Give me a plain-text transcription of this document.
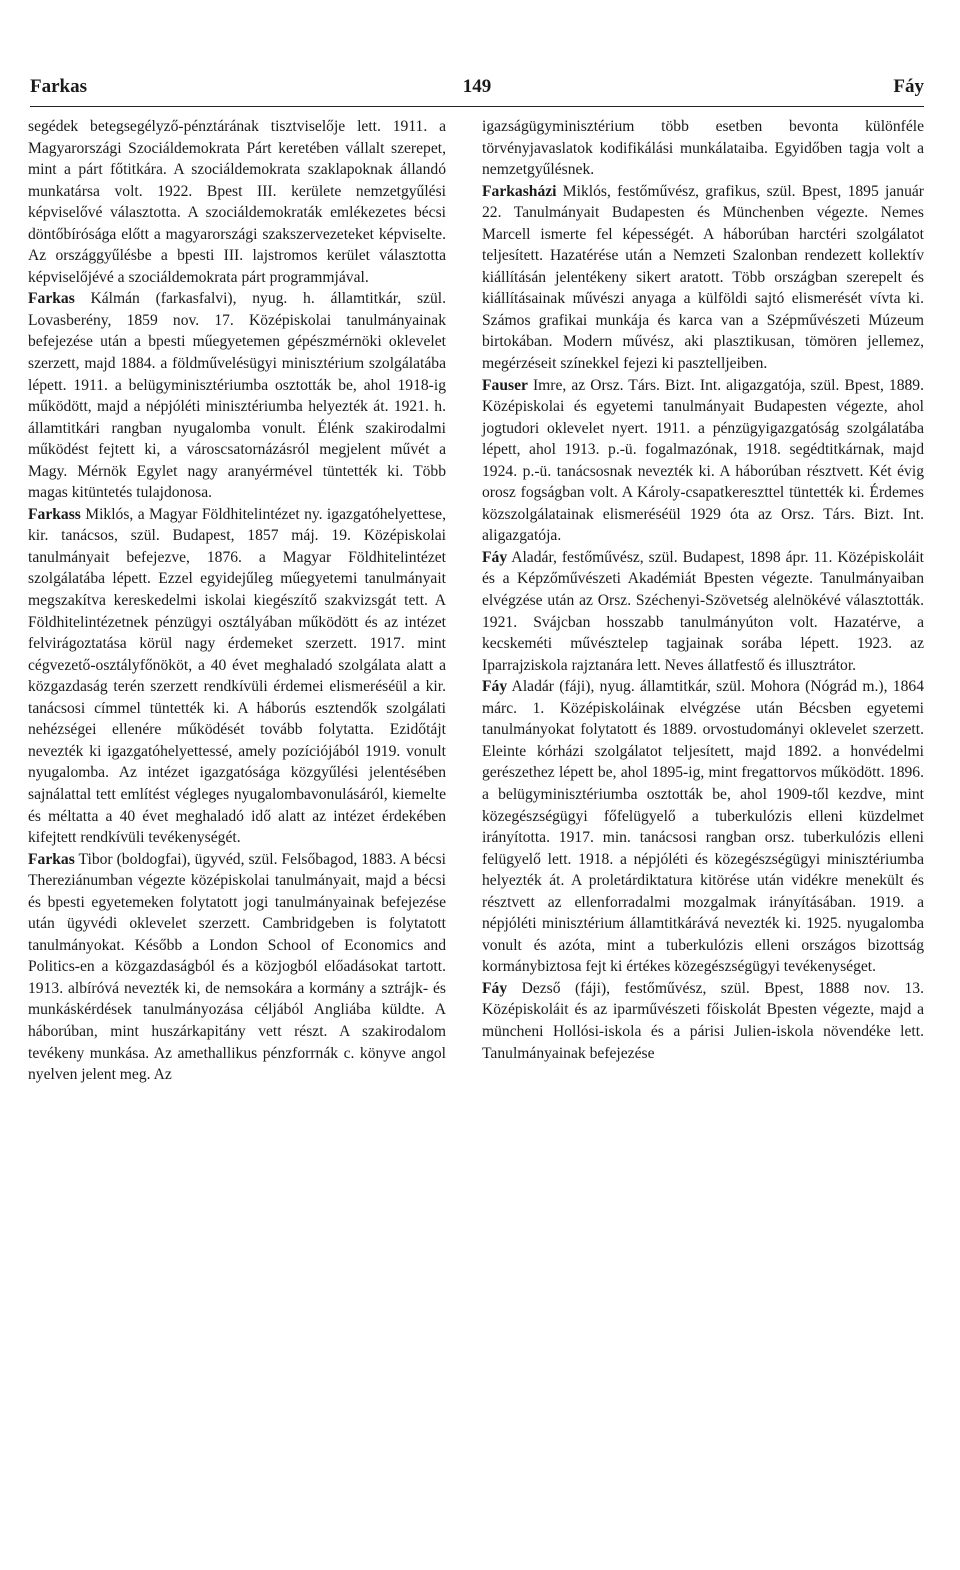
Farkas	149	Fáy

segédek betegsegélyző-pénztárának tisztviselője lett. 1911. a Magyarországi Szociáldemokrata Párt keretében vállalt szerepet, mint a párt főtitkára. A szociáldemokrata szaklapoknak állandó munkatársa volt. 1922. Bpest III. kerülete nemzetgyűlési képviselővé választotta. A szociáldemokraták emlékezetes bécsi döntőbírósága előtt a magyarországi szakszervezeteket képviselte. Az országgyűlésbe a bpesti III. lajstromos kerület választotta képviselőjévé a szociáldemokrata párt programmjával.

Farkas Kálmán (farkasfalvi), nyug. h. államtitkár, szül. Lovasberény, 1859 nov. 17. Középiskolai tanulmányainak befejezése után a bpesti műegyetemen gépészmérnöki oklevelet szerzett, majd 1884. a földművelésügyi minisztérium szolgálatába lépett. 1911. a belügyminisztériumba osztották be, ahol 1918-ig működött, majd a népjóléti minisztériumba helyezték át. 1921. h. államtitkári rangban nyugalomba vonult. Élénk szakirodalmi működést fejtett ki, a városcsatornázásról megjelent művét a Magy. Mérnök Egylet nagy aranyérmével tüntették ki. Több magas kitüntetés tulajdonosa.

Farkass Miklós, a Magyar Földhitelintézet ny. igazgatóhelyettese, kir. tanácsos, szül. Budapest, 1857 máj. 19. Középiskolai tanulmányait befejezve, 1876. a Magyar Földhitelintézet szolgálatába lépett. Ezzel egyidejűleg műegyetemi tanulmányait megszakítva kereskedelmi iskolai kiegészítő szakvizsgát tett. A Földhitelintézetnek pénzügyi osztályában működött és az intézet felvirágoztatása körül nagy érdemeket szerzett. 1917. mint cégvezető-osztályfőnököt, a 40 évet meghaladó szolgálata alatt a közgazdaság terén szerzett rendkívüli érdemei elismeréséül a kir. tanácsosi címmel tüntették ki. A háborús esztendők szolgálati nehézségei ellenére működését tovább folytatta. Ezidőtájt nevezték ki igazgatóhelyettessé, amely pozíciójából 1919. vonult nyugalomba. Az intézet igazgatósága közgyűlési jelentésében sajnálattal tett említést végleges nyugalombavonulásáról, kiemelte és méltatta a 40 évet meghaladó idő alatt az intézet érdekében kifejtett rendkívüli tevékenységét.

Farkas Tibor (boldogfai), ügyvéd, szül. Felsőbagod, 1883. A bécsi Thereziánumban végezte középiskolai tanulmányait, majd a bécsi és bpesti egyetemeken folytatott jogi tanulmányainak befejezése után ügyvédi oklevelet szerzett. Cambridgeben is folytatott tanulmányokat. Később a London School of Economics and Politics-en a közgazdaságból és a közjogból előadásokat tartott. 1913. albíróvá nevezték ki, de nemsokára a kormány a sztrájk- és munkáskérdések tanulmányozása céljából Angliába küldte. A háborúban, mint huszárkapitány vett részt. A szakirodalom tevékeny munkása. Az amethallikus pénzforrnák c. könyve angol nyelven jelent meg. Az

igazságügyminisztérium több esetben bevonta különféle törvényjavaslatok kodifikálási munkálataiba. Egyidőben tagja volt a nemzetgyűlésnek.

Farkasházi Miklós, festőművész, grafikus, szül. Bpest, 1895 január 22. Tanulmányait Budapesten és Münchenben végezte. Nemes Marcell ismerte fel képességét. A háborúban harctéri szolgálatot teljesített. Hazatérése után a Nemzeti Szalonban rendezett kollektív kiállításán jelentékeny sikert aratott. Több országban szerepelt és kiállításainak művészi anyaga a külföldi sajtó elismerését vívta ki. Számos grafikai munkája és karca van a Szépművészeti Múzeum birtokában. Modern művész, aki plasztikusan, tömören jellemez, megérzéseit színekkel fejezi ki pasztelljeiben.

Fauser Imre, az Orsz. Társ. Bizt. Int. aligazgatója, szül. Bpest, 1889. Középiskolai és egyetemi tanulmányait Budapesten végezte, ahol jogtudori oklevelet nyert. 1911. a pénzügyigazgatóság szolgálatába lépett, ahol 1913. p.-ü. fogalmazónak, 1918. segédtitkárnak, majd 1924. p.-ü. tanácsosnak nevezték ki. A háborúban résztvett. Két évig orosz fogságban volt. A Károly-csapatkereszttel tüntették ki. Érdemes közszolgálatainak elismeréséül 1929 óta az Orsz. Társ. Bizt. Int. aligazgatója.

Fáy Aladár, festőművész, szül. Budapest, 1898 ápr. 11. Középiskoláit és a Képzőművészeti Akadémiát Bpesten végezte. Tanulmányaiban elvégzése után az Orsz. Széchenyi-Szövetség alelnökévé választották. 1921. Svájcban hosszabb tanulmányúton volt. Hazatérve, a kecskeméti művésztelep tagjainak sorába lépett. 1923. az Iparrajziskola rajztanára lett. Neves állatfestő és illusztrátor.

Fáy Aladár (fáji), nyug. államtitkár, szül. Mohora (Nógrád m.), 1864 márc. 1. Középiskoláinak elvégzése után Bécsben egyetemi tanulmányokat folytatott és 1889. orvostudományi oklevelet szerzett. Eleinte kórházi szolgálatot teljesített, majd 1892. a honvédelmi gerészethez lépett be, ahol 1895-ig, mint fregattorvos működött. 1896. a belügyminisztériumba osztották be, ahol 1909-től kezdve, mint közegészségügyi főfelügyelő a tuberkulózis elleni küzdelmet irányította. 1917. min. tanácsosi rangban orsz. tuberkulózis elleni felügyelő lett. 1918. a népjóléti és közegészségügyi minisztériumba helyezték át. A proletárdiktatura kitörése után vidékre menekült és résztvett az ellenforradalmi mozgalmak irányításában. 1919. a népjóléti minisztérium államtitkárává nevezték ki. 1925. nyugalomba vonult és azóta, mint a tuberkulózis elleni országos bizottság kormánybiztosa fejt ki értékes közegészségügyi tevékenységet.

Fáy Dezső (fáji), festőművész, szül. Bpest, 1888 nov. 13. Középiskoláit és az iparművészeti főiskolát Bpesten végezte, majd a müncheni Hollósi-iskola és a párisi Julien-iskola növendéke lett. Tanulmányainak befejezése
